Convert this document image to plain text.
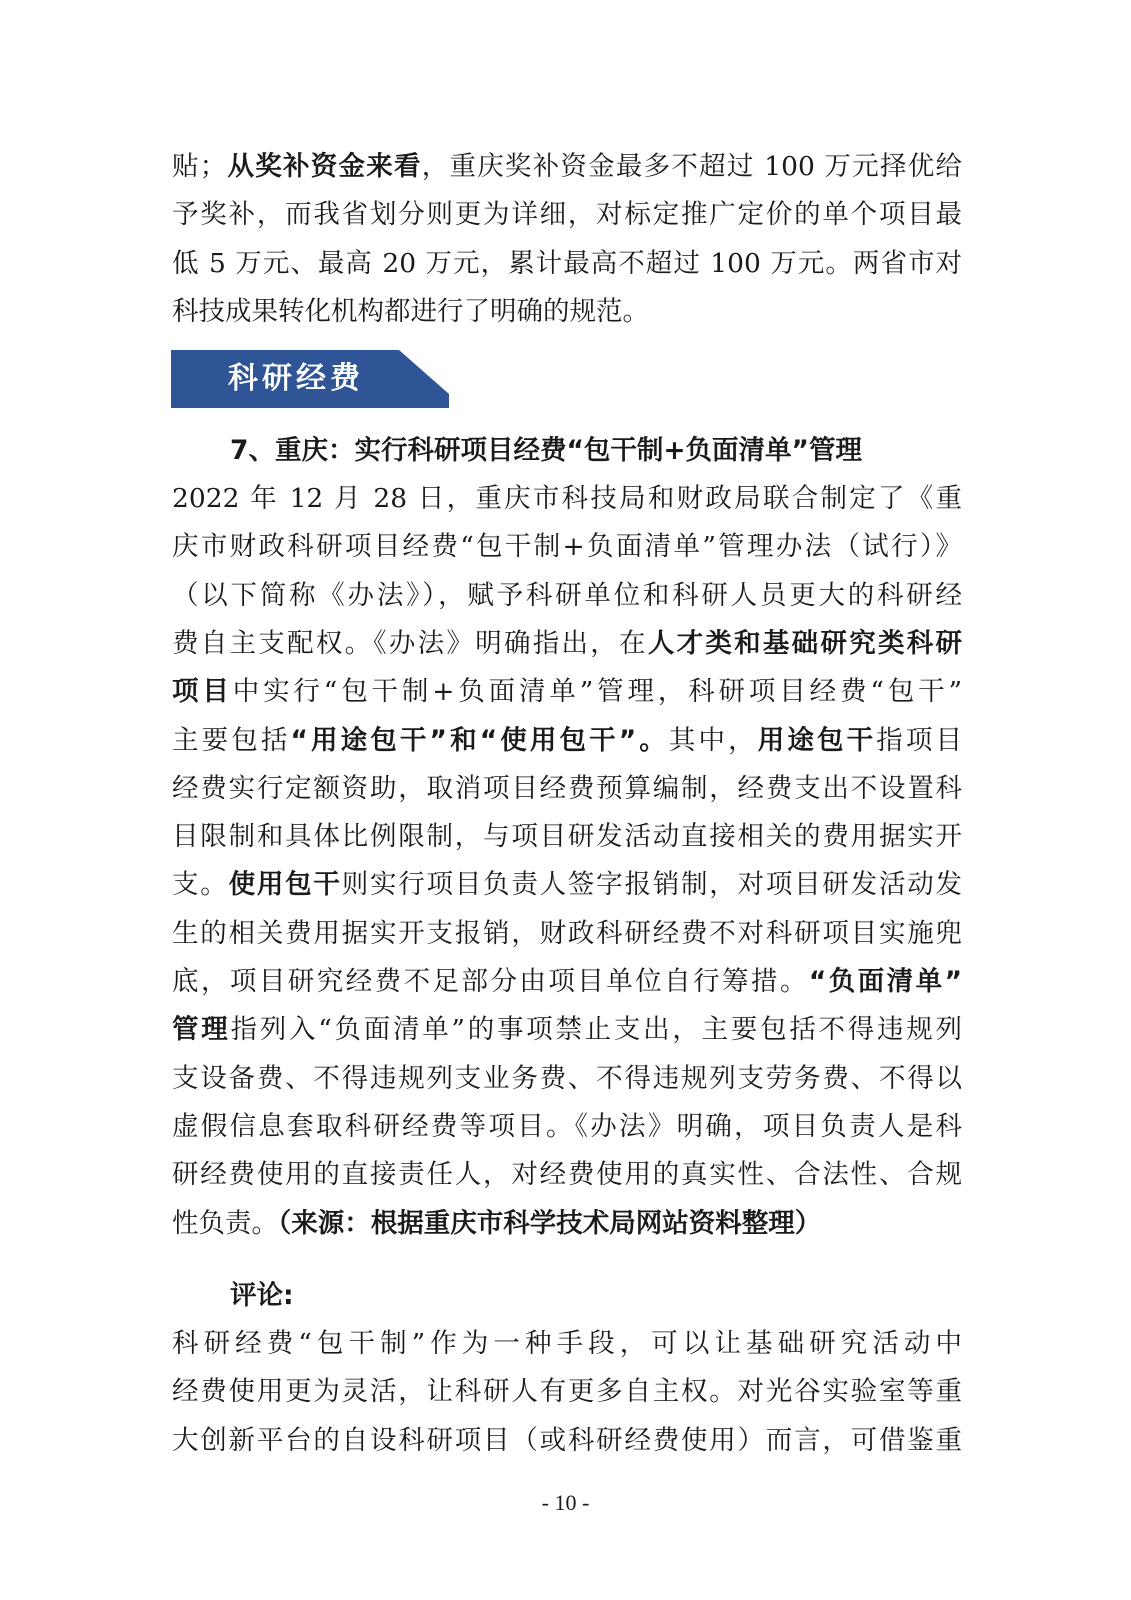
贴；从奖补资金来看，重庆奖补资金最多不超过 100 万元择优给
予奖补，而我省划分则更为详细，对标定推广定价的单个项目最
低 5 万元、最高 20 万元，累计最高不超过 100 万元。两省市对
科技成果转化机构都进行了明确的规范。
科研经费
7、重庆：实行科研项目经费“包干制+负面清单”管理
2022 年 12 月 28 日，重庆市科技局和财政局联合制定了《重
庆市财政科研项目经费“包干制+负面清单”管理办法（试行）》
（以下简称《办法》），赋予科研单位和科研人员更大的科研经
费自主支配权。《办法》明确指出，在人才类和基础研究类科研
项目中实行“包干制+负面清单”管理，科研项目经费“包干”
主要包括“用途包干”和“使用包干”。其中，用途包干指项目
经费实行定额资助，取消项目经费预算编制，经费支出不设置科
目限制和具体比例限制，与项目研发活动直接相关的费用据实开
支。使用包干则实行项目负责人签字报销制，对项目研发活动发
生的相关费用据实开支报销，财政科研经费不对科研项目实施兜
底，项目研究经费不足部分由项目单位自行筹措。“负面清单”
管理指列入“负面清单”的事项禁止支出，主要包括不得违规列
支设备费、不得违规列支业务费、不得违规列支劳务费、不得以
虚假信息套取科研经费等项目。《办法》明确，项目负责人是科
研经费使用的直接责任人，对经费使用的真实性、合法性、合规
性负责。（来源：根据重庆市科学技术局网站资料整理）
评论:
科研经费“包干制”作为一种手段，可以让基础研究活动中
经费使用更为灵活，让科研人有更多自主权。对光谷实验室等重
大创新平台的自设科研项目（或科研经费使用）而言，可借鉴重
- 10 -
